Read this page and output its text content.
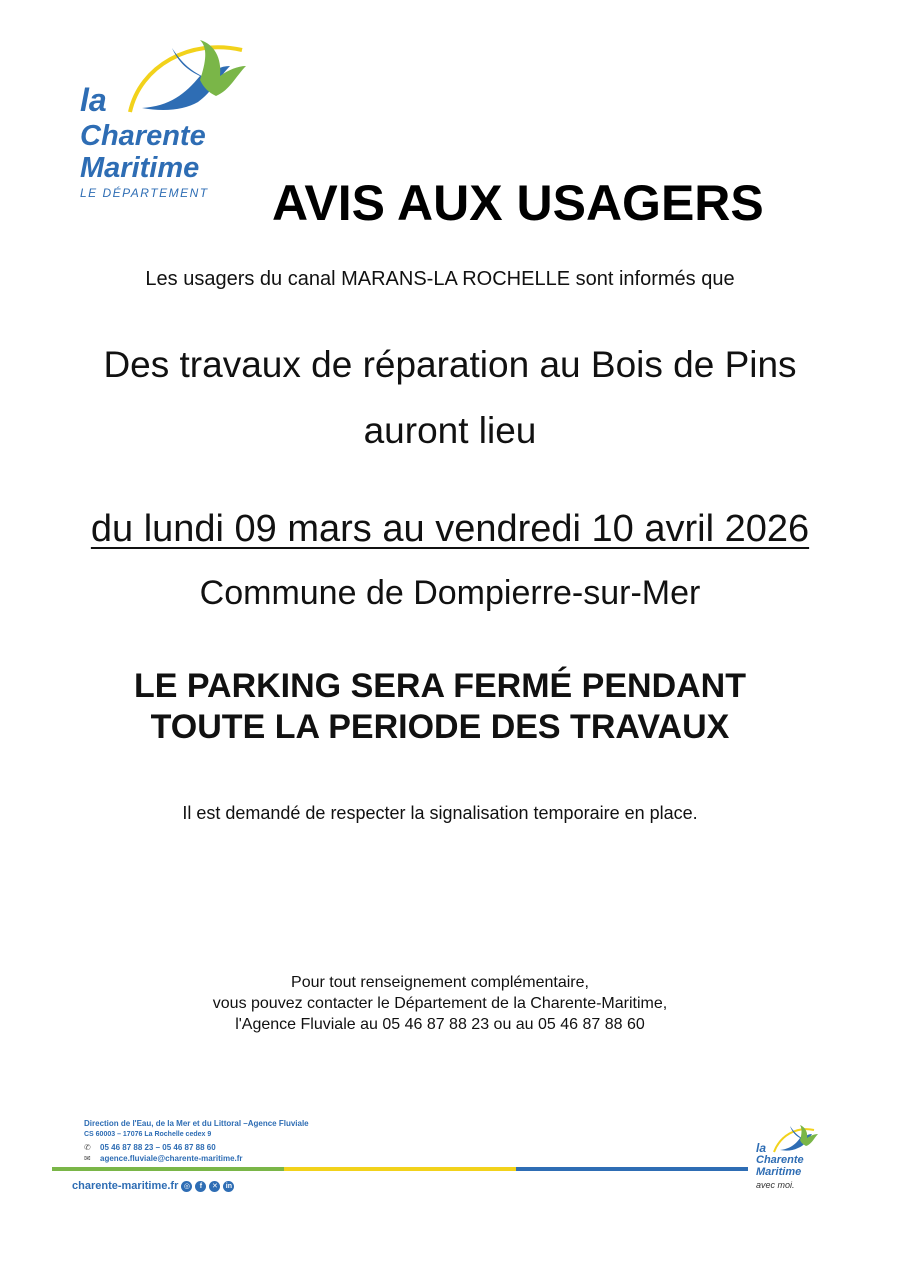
la
Charente
Maritime
LE DÉPARTEMENT AVIS AUX USAGERS

Les usagers du canal MARANS-LA ROCHELLE sont informés que

Des travaux de réparation au Bois de Pins

auront lieu

du lundi 09 mars au vendredi 10 avril 2026

Commune de Dompierre-sur-Mer

LE PARKING SERA FERMÉ PENDANT
TOUTE LA PERIODE DES TRAVAUX

Il est demandé de respecter la signalisation temporaire en place.

Pour tout renseignement complémentaire,
vous pouvez contacter le Département de la Charente-Maritime,
l'Agence Fluviale au 05 46 87 88 23 ou au 05 46 87 88 60
Direction de l'Eau, de la Mer et du Littoral –Agence Fluviale
CS 60003 – 17076 La Rochelle cedex 9
✆	05 46 87 88 23 – 05 46 87 88 60
✉	agence.fluviale@charente-maritime.fr
charente-maritime.fr ◎	f	✕	in
la
Charente
Maritime
avec moi.
